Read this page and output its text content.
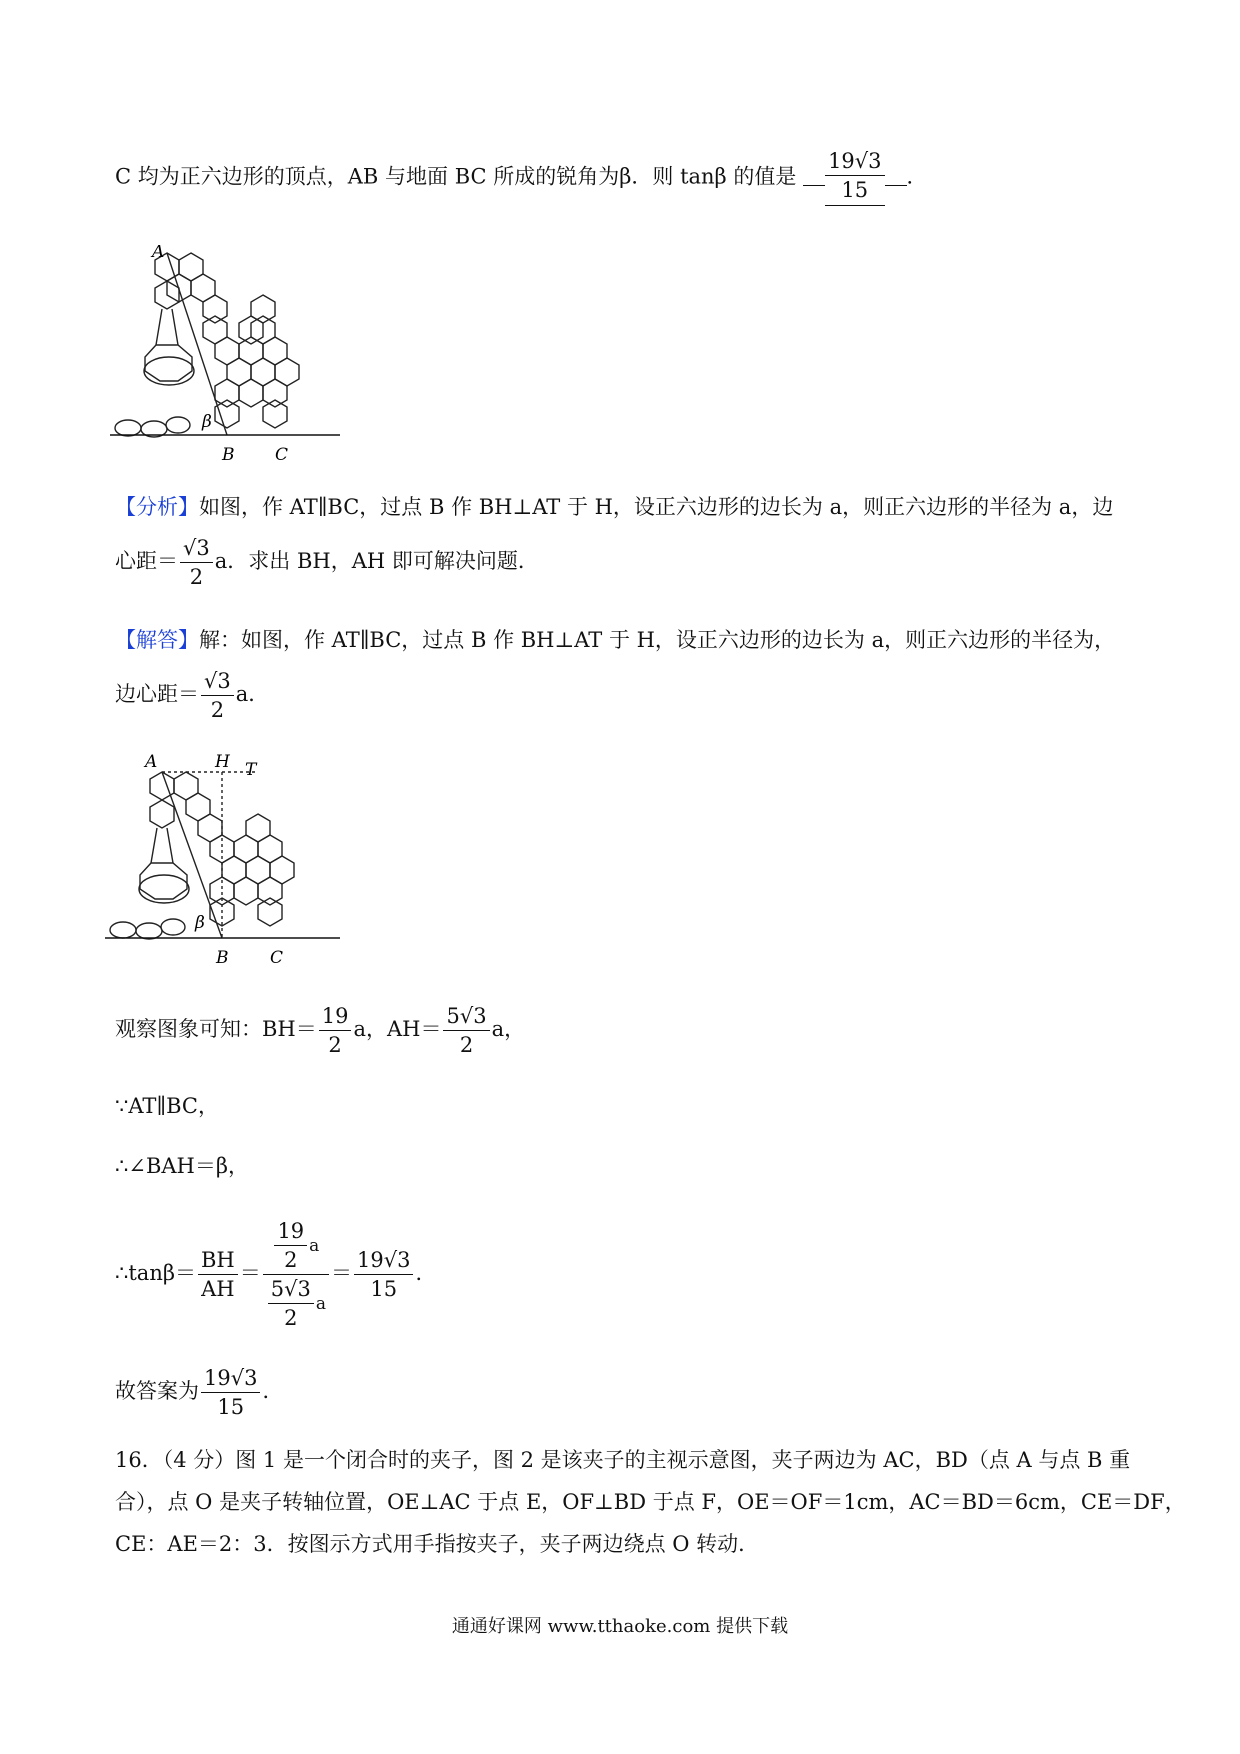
C 均为正六边形的顶点，AB 与地面 BC 所成的锐角为β．则 tanβ 的值是 $\frac{19√3}{15}$ ．
A
β
B C
【分析】如图，作 AT∥BC，过点 B 作 BH⊥AT 于 H，设正六边形的边长为 a，则正六边形的半径为 a，边
心距＝ $\frac{√3}{2}$ a．求出 BH，AH 即可解决问题．
【解答】解：如图，作 AT∥BC，过点 B 作 BH⊥AT 于 H，设正六边形的边长为 a，则正六边形的半径为，
边心距＝ $\frac{√3}{2}$ a．
A	H T
β
B C
观察图象可知：$BH= \frac{19}{2}$ a，$AH= \frac{5√3}{2}$ a，
∵AT∥BC，
∴∠BAH＝β，
∴tanβ＝ $\frac{BH}{AH} = \frac{\frac{19}{2} a}{\frac{5√3}{2} a} = \frac{19√3}{15}$ ．
故答案为 $\frac{19√3}{15}$ ．
16．（4 分）图 1 是一个闭合时的夹子，图 2 是该夹子的主视示意图，夹子两边为 AC，BD（点 A 与点 B 重
合），点 O 是夹子转轴位置，OE⊥AC 于点 E，OF⊥BD 于点 F，OE＝OF＝1cm，AC＝BD＝6cm，CE＝DF，
CE：AE＝2：3．按图示方式用手指按夹子，夹子两边绕点 O 转动．
通通好课网 www.tthaoke.com 提供下载
